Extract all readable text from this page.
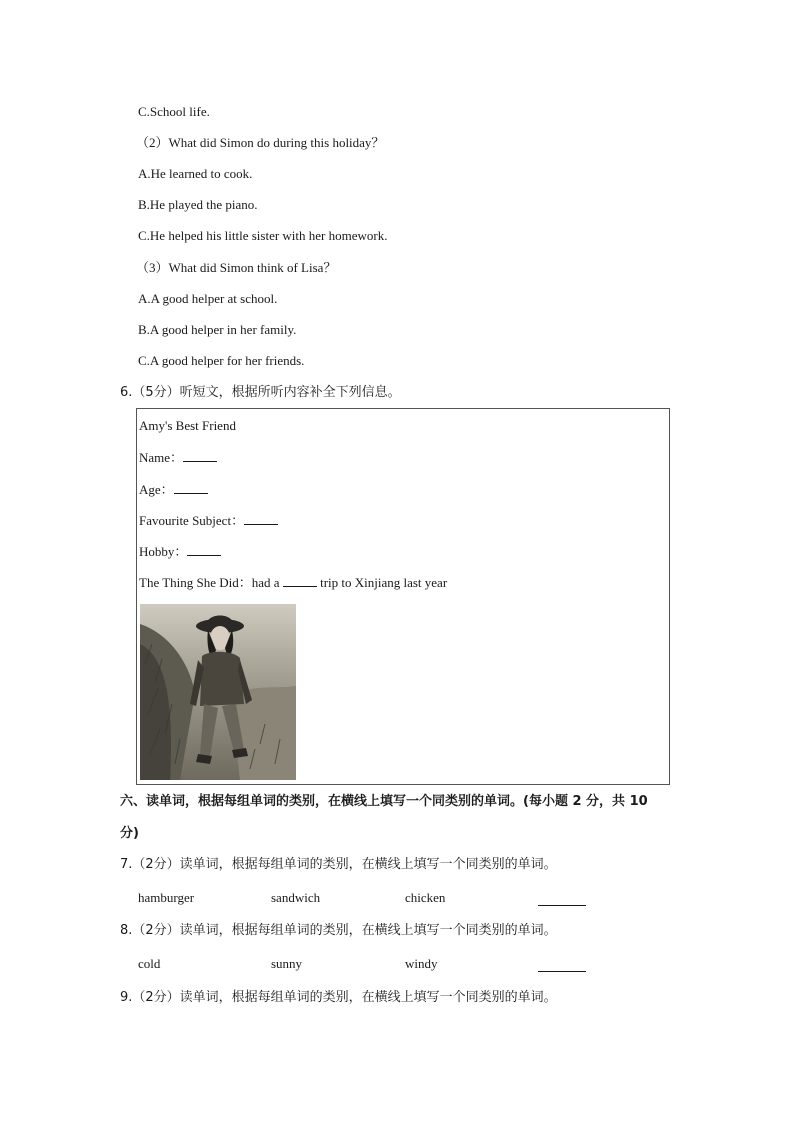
C.School life.
（2）What did Simon do during this holiday？
A.He learned to cook.
B.He played the piano.
C.He helped his little sister with her homework.
（3）What did Simon think of Lisa？
A.A good helper at school.
B.A good helper in her family.
C.A good helper for her friends.
6.（5分）听短文，根据所听内容补全下列信息。
Amy's Best Friend
Name：
Age：
Favourite Subject：
Hobby：
The Thing She Did：had a	trip to Xinjiang last year
六、读单词，根据每组单词的类别，在横线上填写一个同类别的单词。(每小题 2 分，共 10
分)
7.（2分）读单词，根据每组单词的类别，在横线上填写一个同类别的单词。
hamburger	sandwich	chicken
8.（2分）读单词，根据每组单词的类别，在横线上填写一个同类别的单词。
cold	sunny	windy
9.（2分）读单词，根据每组单词的类别，在横线上填写一个同类别的单词。
